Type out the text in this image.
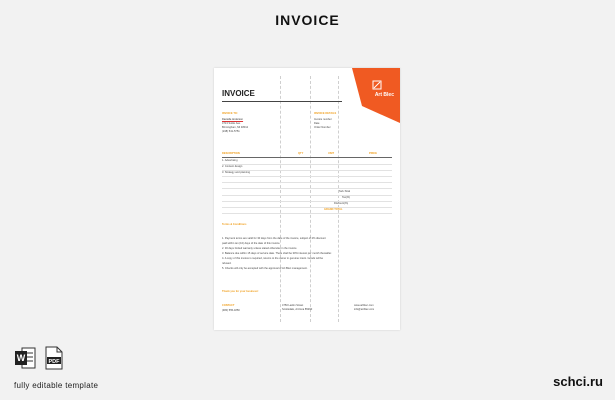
INVOICE
Art Blec
INVOICE
INVOICE TO:
Danielle Anderson
4713 Suttle Ave.
Birmingham, MI 48012
(248) 541-5751
INVOICE DETAILS
Invoice number
Date
Order Number
DESCRIPTION	QTY	UNIT	PRICE
1. Advertising
2. Content design
3. Strategy and planning
Sub-Total
Tax(%)
Discount(%)
GRAND TOTAL
Terms & Conditions
1. Payment terms are valid for 30 days from the date of the invoice, subject of 2% discount
paid within ten (10) days of the date of this invoice.
2. 30 days limited warranty unless stated otherwise in the invoice
3. Balance due within 15 days of service date. There shall be 30% interest per month thereafter.
4. A copy of this invoice is required, returns to the owner in genuine intent. Goods will be
refused.
5. Checks will only be accepted with the approval of Art Blec management.
Thank you for your business!
CONTACT
(480) 555-1850
4750 Larkin Street
Scottsdale, Arizona 85260
www.artblec.com
info@artblec.com
W	PDF
fully editable template	schci.ru
